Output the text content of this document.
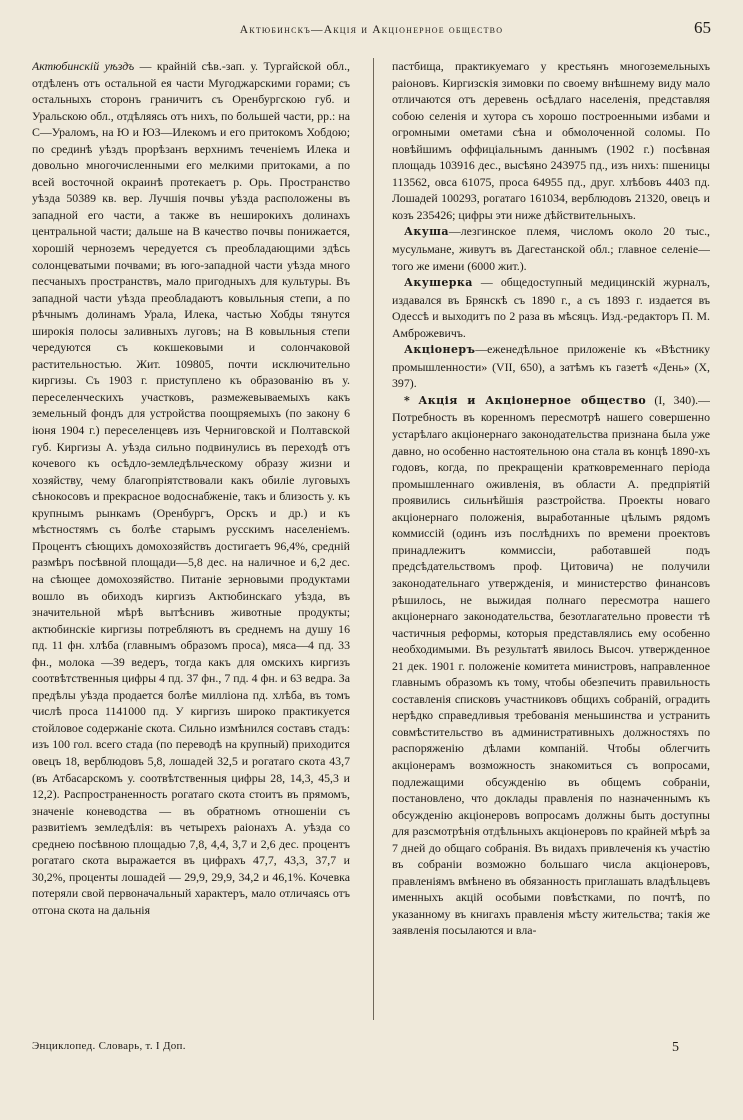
Актюбинскъ—Акція и Акціонерное общество	65

Актюбинскій уѣздъ — крайній сѣв.-зап. у. Тургайской обл., отдѣленъ отъ остальной ея части Мугоджарскими горами; съ остальныхъ сторонъ граничитъ съ Оренбургскою губ. и Уральскою обл., отдѣляясь отъ нихъ, по большей части, рр.: на С—Ураломъ, на Ю и ЮЗ—Илекомъ и его притокомъ Хобдою; по срединѣ уѣздъ прорѣзанъ верхнимъ теченіемъ Илека и довольно многочисленными его мелкими притоками, а по всей восточной окраинѣ протекаетъ р. Орь. Пространство уѣзда 50389 кв. вер. Лучшія почвы уѣзда расположены въ западной его части, а также въ неширокихъ долинахъ центральной части; дальше на В качество почвы понижается, хорошій черноземъ чередуется съ преобладающими здѣсь солонцеватыми почвами; въ юго-западной части уѣзда много песчаныхъ пространствъ, мало пригодныхъ для культуры. Въ западной части уѣзда преобладаютъ ковыльныя степи, а по рѣчнымъ долинамъ Урала, Илека, частью Хобды тянутся широкія полосы заливныхъ луговъ; на В ковыльныя степи чередуются съ кокшековыми и солончаковой растительностью. Жит. 109805, почти исключительно киргизы. Съ 1903 г. приступлено къ образованію въ у. переселенческихъ участковъ, размежевываемыхъ какъ земельный фондъ для устройства поощряемыхъ (по закону 6 іюня 1904 г.) переселенцевъ изъ Черниговской и Полтавской губ. Киргизы А. уѣзда сильно подвинулись въ переходѣ отъ кочевого къ осѣдло-земледѣльческому образу жизни и хозяйству, чему благопріятствовали какъ обиліе луговыхъ сѣнокосовъ и прекрасное водоснабженіе, такъ и близость у. къ крупнымъ рынкамъ (Оренбургъ, Орскъ и др.) и къ мѣстностямъ съ болѣе старымъ русскимъ населеніемъ. Процентъ сѣющихъ домохозяйствъ достигаетъ 96,4%, средній размѣръ посѣвной площади—5,8 дес. на наличное и 6,2 дес. на сѣющее домохозяйство. Питаніе зерновыми продуктами вошло въ обиходъ киргизъ Актюбинскаго уѣзда, въ значительной мѣрѣ вытѣснивъ животные продукты; актюбинскіе киргизы потребляютъ въ среднемъ на душу 16 пд. 11 фн. хлѣба (главнымъ образомъ проса), мяса—4 пд. 33 фн., молока —39 ведеръ, тогда какъ для омскихъ киргизъ соотвѣтственныя цифры 4 пд. 37 фн., 7 пд. 4 фн. и 63 ведра. За предѣлы уѣзда продается болѣе милліона пд. хлѣба, въ томъ числѣ проса 1141000 пд. У киргизъ широко практикуется стойловое содержаніе скота. Сильно измѣнился составъ стадъ: изъ 100 гол. всего стада (по переводѣ на крупный) приходится овецъ 18, верблюдовъ 5,8, лошадей 32,5 и рогатаго скота 43,7 (въ Атбасарскомъ у. соотвѣтственныя цифры 28, 14,3, 45,3 и 12,2). Распространенность рогатаго скота стоитъ въ прямомъ, значеніе коневодства — въ обратномъ отношеніи съ развитіемъ земледѣлія: въ четырехъ раіонахъ А. уѣзда со среднею посѣвною площадью 7,8, 4,4, 3,7 и 2,6 дес. процентъ рогатаго скота выражается въ цифрахъ 47,7, 43,3, 37,7 и 30,2%, проценты лошадей — 29,9, 29,9, 34,2 и 46,1%. Кочевка потеряли свой первоначальный характеръ, мало отличаясь отъ отгона скота на дальнія

пастбища, практикуемаго у крестьянъ многоземельныхъ раіоновъ. Киргизскія зимовки по своему внѣшнему виду мало отличаются отъ деревень осѣдлаго населенія, представляя собою селенія и хутора съ хорошо построенными избами и огромными ометами сѣна и обмолоченной соломы. По новѣйшимъ оффиціальнымъ даннымъ (1902 г.) посѣвная площадь 103916 дес., высѣяно 243975 пд., изъ нихъ: пшеницы 113562, овса 61075, проса 64955 пд., друг. хлѣбовъ 4403 пд. Лошадей 100293, рогатаго 161034, верблюдовъ 21320, овецъ и козъ 235426; цифры эти ниже дѣйствительныхъ.

Акуша—лезгинское племя, числомъ около 20 тыс., мусульмане, живутъ въ Дагестанской обл.; главное селеніе—того же имени (6000 жит.).

Акушерка — общедоступный медицинскій журналъ, издавался въ Брянскѣ съ 1890 г., а съ 1893 г. издается въ Одессѣ и выходитъ по 2 раза въ мѣсяцъ. Изд.-редакторъ П. М. Амброжевичъ.

Акціонеръ—еженедѣльное приложеніе къ «Вѣстнику промышленности» (VII, 650), а затѣмъ къ газетѣ «День» (X, 397).

* Акція и Акціонерное общество (I, 340).—Потребность въ коренномъ пересмотрѣ нашего совершенно устарѣлаго акціонернаго законодательства признана была уже давно, но особенно настоятельною она стала въ концѣ 1890-хъ годовъ, когда, по прекращеніи кратковременнаго періода промышленнаго оживленія, въ области А. предпріятій проявились сильнѣйшія разстройства. Проекты новаго акціонернаго положенія, выработанные цѣлымъ рядомъ коммиссій (одинъ изъ послѣднихъ по времени проектовъ принадлежитъ коммиссіи, работавшей подъ предсѣдательствомъ проф. Цитовича) не получили законодательнаго утвержденія, и министерство финансовъ рѣшилось, не выжидая полнаго пересмотра нашего акціонернаго законодательства, безотлагательно провести тѣ частичныя реформы, которыя представлялись ему особенно необходимыми. Въ результатѣ явилось Высоч. утвержденное 21 дек. 1901 г. положеніе комитета министровъ, направленное главнымъ образомъ къ тому, чтобы обезпечить правильность составленія списковъ участниковъ общихъ собраній, оградить нерѣдко справедливыя требованія меньшинства и устранить совмѣстительство въ административныхъ должностяхъ по распоряженію дѣлами компаній. Чтобы облегчить акціонерамъ возможность знакомиться съ вопросами, подлежащими обсужденію въ общемъ собраніи, постановлено, что доклады правленія по назначеннымъ къ обсужденію акціонеровъ вопросамъ должны быть доступны для разсмотрѣнія отдѣльныхъ акціонеровъ по крайней мѣрѣ за 7 дней до общаго собранія. Въ видахъ привлеченія къ участію въ собраніи возможно большаго числа акціонеровъ, правленіямъ вмѣнено въ обязанность приглашать владѣльцевъ именныхъ акцій особыми повѣстками, по почтѣ, по указанному въ книгахъ правленія мѣсту жительства; такія же заявленія посылаются и вла-

Энциклопед. Словарь, т. I Доп.	5
